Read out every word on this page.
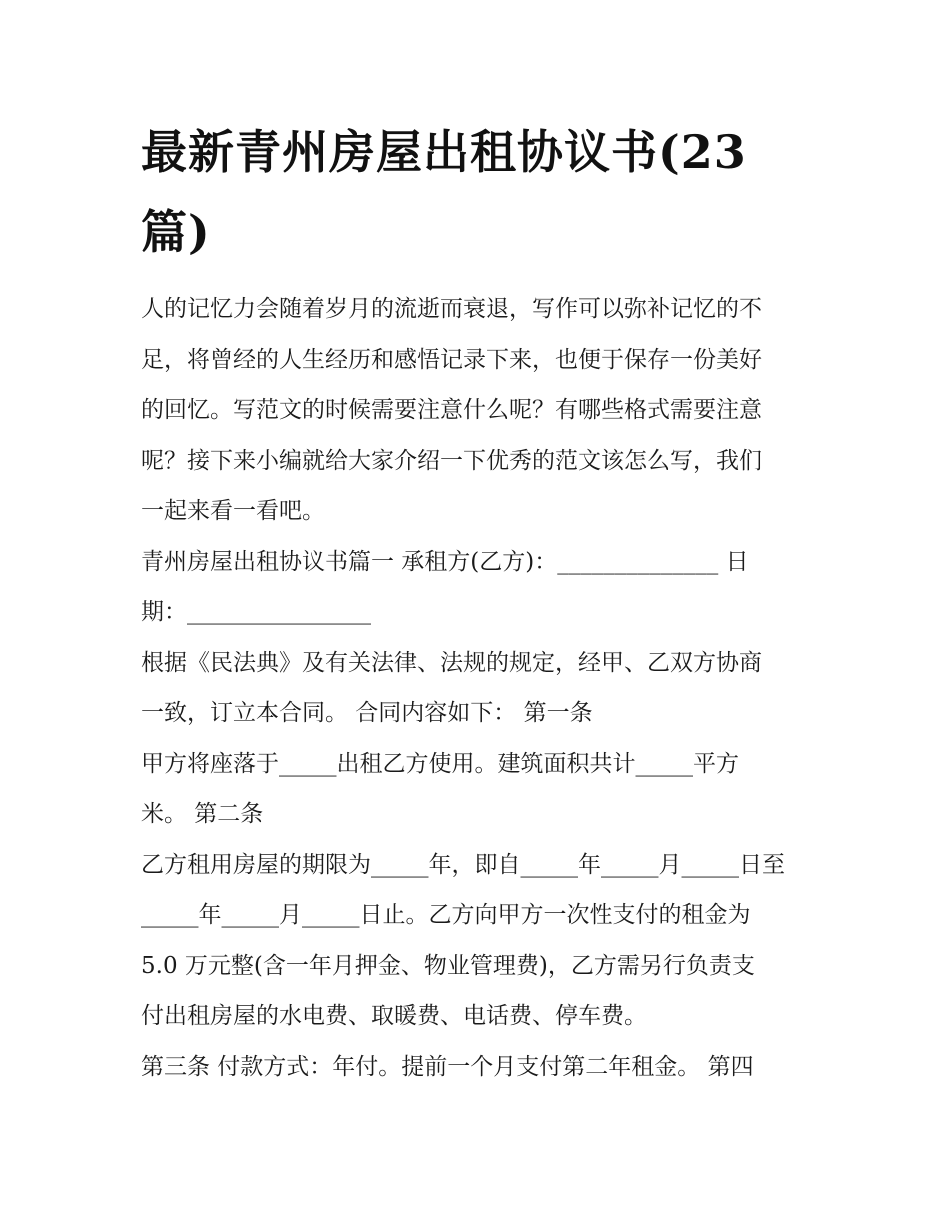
最新青州房屋出租协议书(23
篇)

人的记忆力会随着岁月的流逝而衰退，写作可以弥补记忆的不

足，将曾经的人生经历和感悟记录下来，也便于保存一份美好

的回忆。写范文的时候需要注意什么呢？有哪些格式需要注意

呢？接下来小编就给大家介绍一下优秀的范文该怎么写，我们

一起来看一看吧。

青州房屋出租协议书篇一 承租方(乙方)：______________ 日

期：________________

根据《民法典》及有关法律、法规的规定，经甲、乙双方协商

一致，订立本合同。 合同内容如下： 第一条

甲方将座落于_____出租乙方使用。建筑面积共计_____平方

米。 第二条

乙方租用房屋的期限为_____年，即自_____年_____月_____日至

_____年_____月_____日止。乙方向甲方一次性支付的租金为

5.0 万元整(含一年月押金、物业管理费)，乙方需另行负责支

付出租房屋的水电费、取暖费、电话费、停车费。

第三条 付款方式：年付。提前一个月支付第二年租金。 第四
